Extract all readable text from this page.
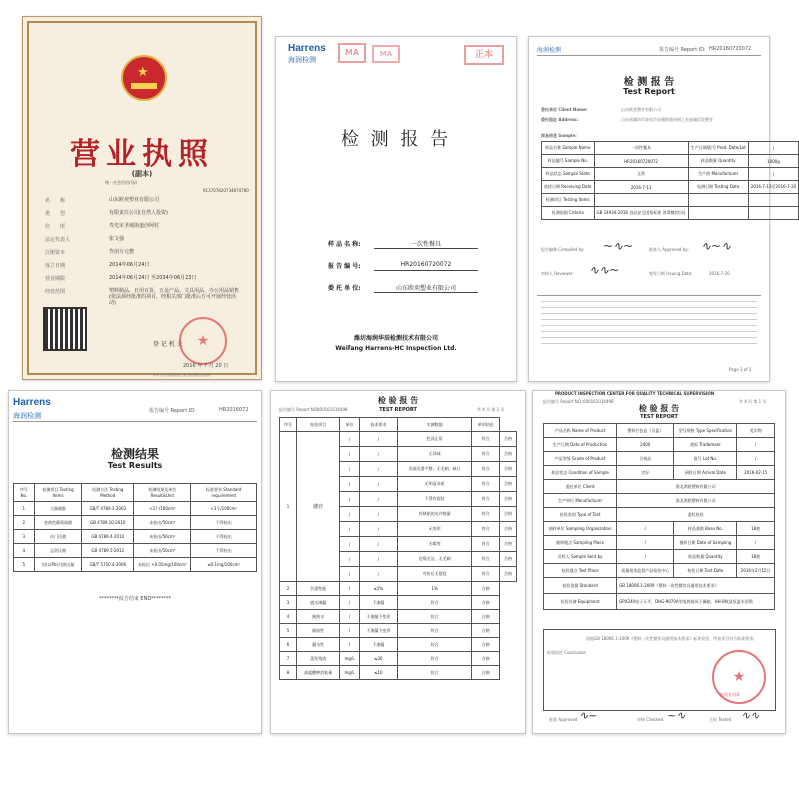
★
营业执照
(副本)
统一社会信用代码
913707820734874780
名　　称	山东欧奕塑业有限公司
类　　型	有限责任公司(自然人投资)
住　　所	寿光市圣城街道沙阿村
法定代表人	张文强
注册资本	叁佰万元整
成立日期	2014年06月24日
营业期限	2014年06月24日 至2034年06月23日
经营范围	塑料制品、日用百货、五金产品、文具用品、办公用品销售(依法须经批准的项目，经相关部门批准后方可开展经营活动)
登 记 机 关 ★
2016 年 7 月 20 日
中华人民共和国国家工商行政管理总局监制
Harrens
海润检测
MA	MA	正本
检 测 报 告
样 品 名 称:	一次性餐具
报 告 编 号:	HR20160720072
委 托 单 位:	山东欧奕塑业有限公司
潍坊海润华辰检测技术有限公司
Weifang Harrens-HC Inspection Ltd.
海润检测	报告编号 Report ID: HR20160720072
检 测 报 告
Test Report
委托单位 Client Name:	山东欧奕塑业有限公司
委托地址 Address:	山东省潍坊市寿光市圣城街道沙阿工业园诚信发塑业
样品信息 Sample:
样品名称 Sample Name	一次性餐具	生产日期/批号 Prod. Date/Lot	/
样品编号 Sample No.	HR20160720072	样品数量 Quantity	1000g
样品状态 Sample State	正常	生产商 Manufacturer	/
收样日期 Receiving Date	2016-7-13	检测日期 Testing Date	2016-7-13至2016-7-20
检测项目 Testing Items			
检测依据 Criteria	GB 14934-2016 食品安全国家标准 消毒餐(饮)具		
报告编制 Compiled by: ~∿~	批准人 Approved by: ∿~∿
审核人 Reviewer: ∿∿~	签发日期 Issuing Date:	2016-7-20
Page 1 of 2
Harrens
海润检测
报告编号 Report ID:	HR2016072
检测结果
Test Results
序号 No.	检测项目 Testing Items	检测方法 Testing Method	检测结果及单位 Result&Unit	标准要求 Standard requirement
1	大肠菌群	GB/T 4789.3-2003	<3个/100cm²	<3个/100cm²
2	金黄色葡萄球菌	GB 4789.10-2010	未检出/50cm²	不得检出
3	沙门氏菌	GB 4789.4-2010	未检出/50cm²	不得检出
4	志贺氏菌	GB 4789.5-2012	未检出/50cm²	不得检出
5	铅(以Pb计)溶出量	GB/T 5750.4-2006	未检出 <0.05mg/100cm²	≤0.1mg/100cm²
********报告结束 END********
检 验 报 告
报告编号 Report NO.:
000161016498	TEST REPORT	共 4 页 第 2 页
序号	检验项目	单位	技术要求	实测数据	单项结论	
1	感官	/	/	色泽正常	符合	合格
		/	/	无异味	符合	合格
		/	/	表面光滑平整，无毛刺、缺口	符合	合格
		/	/	无明显杂质	符合	合格
		/	/	不得有裂纹	符合	合格
		/	/	有缺陷的允许数量	符合	合格
		/	/	无变形	符合	合格
		/	/	无霉变	符合	合格
		/	/	边缘光洁，无毛刺	符合	合格
		/	/	对折后无裂纹	符合	合格
2	负重性能	/	≤5%	1%	合格	
3	盛水渗漏	/	不渗漏	符合	合格	
4	耐热水	/	不渗漏不变形	符合	合格	
5	耐油性	/	不渗漏不变形	符合	合格	
6	漏水性	/	不渗漏	符合	合格	
7	蒸发残渣	mg/L	≤30	符合	合格	
8	高锰酸钾消耗量	mg/L	≤10	符合	合格	
PRODUCT INSPECTION CENTER FOR QUALITY TECHNICAL SUPERVISION
报告编号 Report NO.: 000161016498	共 4 页 第 1 页
检 验 报 告
TEST REPORT
产品名称 Name of Product	塑料打包盒（含盖）	型号规格 Type Specification	见实物
生产日期 Date of Production	2400	商标 Trademark	/
产品等级 Grade of Product	合格品	批号 Lot No.	/
样品状态 Condition of Sample	完好	到样日期 Arrival Date	2016-02-15
委托单位 Client	淮北鸿欧塑料有限公司		
生产单位 Manufacturer	淮北鸿欧塑料有限公司		
检验类别 Type of Test	委托检验		
抽样单位 Sampling Organization	/	样品基数 Base No.	18套
抽样地点 Sampling Place	/	抽样日期 Date of Sampling	/
送样人 Sample Sent by	/	样品数量 Quantity	18套
检验地点 Test Place	质量技术监督产品检验中心	检验日期 Test Date	2016年2月15日
检验依据 Standard	GB 18006.1-2009《塑料一次性餐饮具通用技术要求》		
检验设备 Equipment	GPX240电子天平，DHG-9070A型电热鼓风干燥箱，HH-8数显恒温水浴锅		
检验结论 Conclusion
依据GB 18006.1-2009《塑料一次性餐饮具通用技术要求》标准检验，所检项目符合标准要求。
★
检验专用章
批准 Approved ∿~	审核 Checked ~∿	主检 Tested ∿∿
